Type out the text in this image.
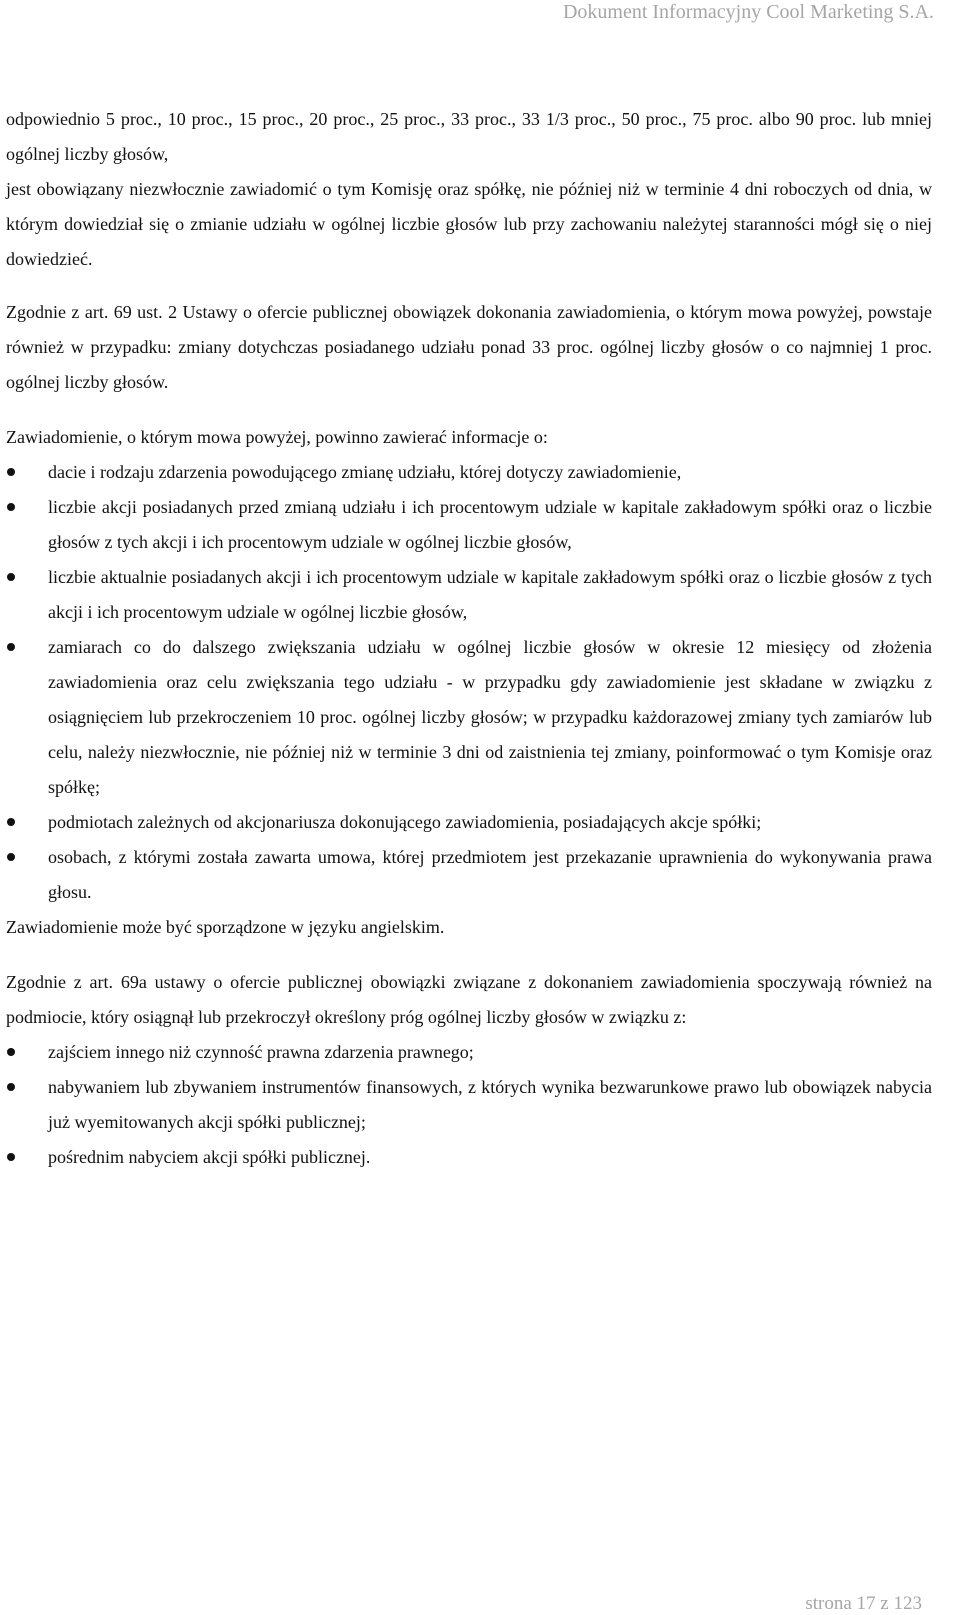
Dokument Informacyjny Cool Marketing S.A.

odpowiednio 5 proc., 10 proc., 15 proc., 20 proc., 25 proc., 33 proc., 33 1/3 proc., 50 proc., 75 proc. albo 90 proc. lub mniej ogólnej liczby głosów,

jest obowiązany niezwłocznie zawiadomić o tym Komisję oraz spółkę, nie później niż w terminie 4 dni roboczych od dnia, w którym dowiedział się o zmianie udziału w ogólnej liczbie głosów lub przy zachowaniu należytej staranności mógł się o niej dowiedzieć.

Zgodnie z art. 69 ust. 2 Ustawy o ofercie publicznej obowiązek dokonania zawiadomienia, o którym mowa powyżej, powstaje również w przypadku: zmiany dotychczas posiadanego udziału ponad 33 proc. ogólnej liczby głosów o co najmniej 1 proc. ogólnej liczby głosów.

Zawiadomienie, o którym mowa powyżej, powinno zawierać informacje o:

dacie i rodzaju zdarzenia powodującego zmianę udziału, której dotyczy zawiadomienie,
liczbie akcji posiadanych przed zmianą udziału i ich procentowym udziale w kapitale zakładowym spółki oraz o liczbie głosów z tych akcji i ich procentowym udziale w ogólnej liczbie głosów,
liczbie aktualnie posiadanych akcji i ich procentowym udziale w kapitale zakładowym spółki oraz o liczbie głosów z tych akcji i ich procentowym udziale w ogólnej liczbie głosów,
zamiarach co do dalszego zwiększania udziału w ogólnej liczbie głosów w okresie 12 miesięcy od złożenia zawiadomienia oraz celu zwiększania tego udziału - w przypadku gdy zawiadomienie jest składane w związku z osiągnięciem lub przekroczeniem 10 proc. ogólnej liczby głosów; w przypadku każdorazowej zmiany tych zamiarów lub celu, należy niezwłocznie, nie później niż w terminie 3 dni od zaistnienia tej zmiany, poinformować o tym Komisje oraz spółkę;
podmiotach zależnych od akcjonariusza dokonującego zawiadomienia, posiadających akcje spółki;
osobach, z którymi została zawarta umowa, której przedmiotem jest przekazanie uprawnienia do wykonywania prawa głosu.

Zawiadomienie może być sporządzone w języku angielskim.

Zgodnie z art. 69a ustawy o ofercie publicznej obowiązki związane z dokonaniem zawiadomienia spoczywają również na podmiocie, który osiągnął lub przekroczył określony próg ogólnej liczby głosów w związku z:

zajściem innego niż czynność prawna zdarzenia prawnego;
nabywaniem lub zbywaniem instrumentów finansowych, z których wynika bezwarunkowe prawo lub obowiązek nabycia już wyemitowanych akcji spółki publicznej;
pośrednim nabyciem akcji spółki publicznej.
strona 17 z 123
